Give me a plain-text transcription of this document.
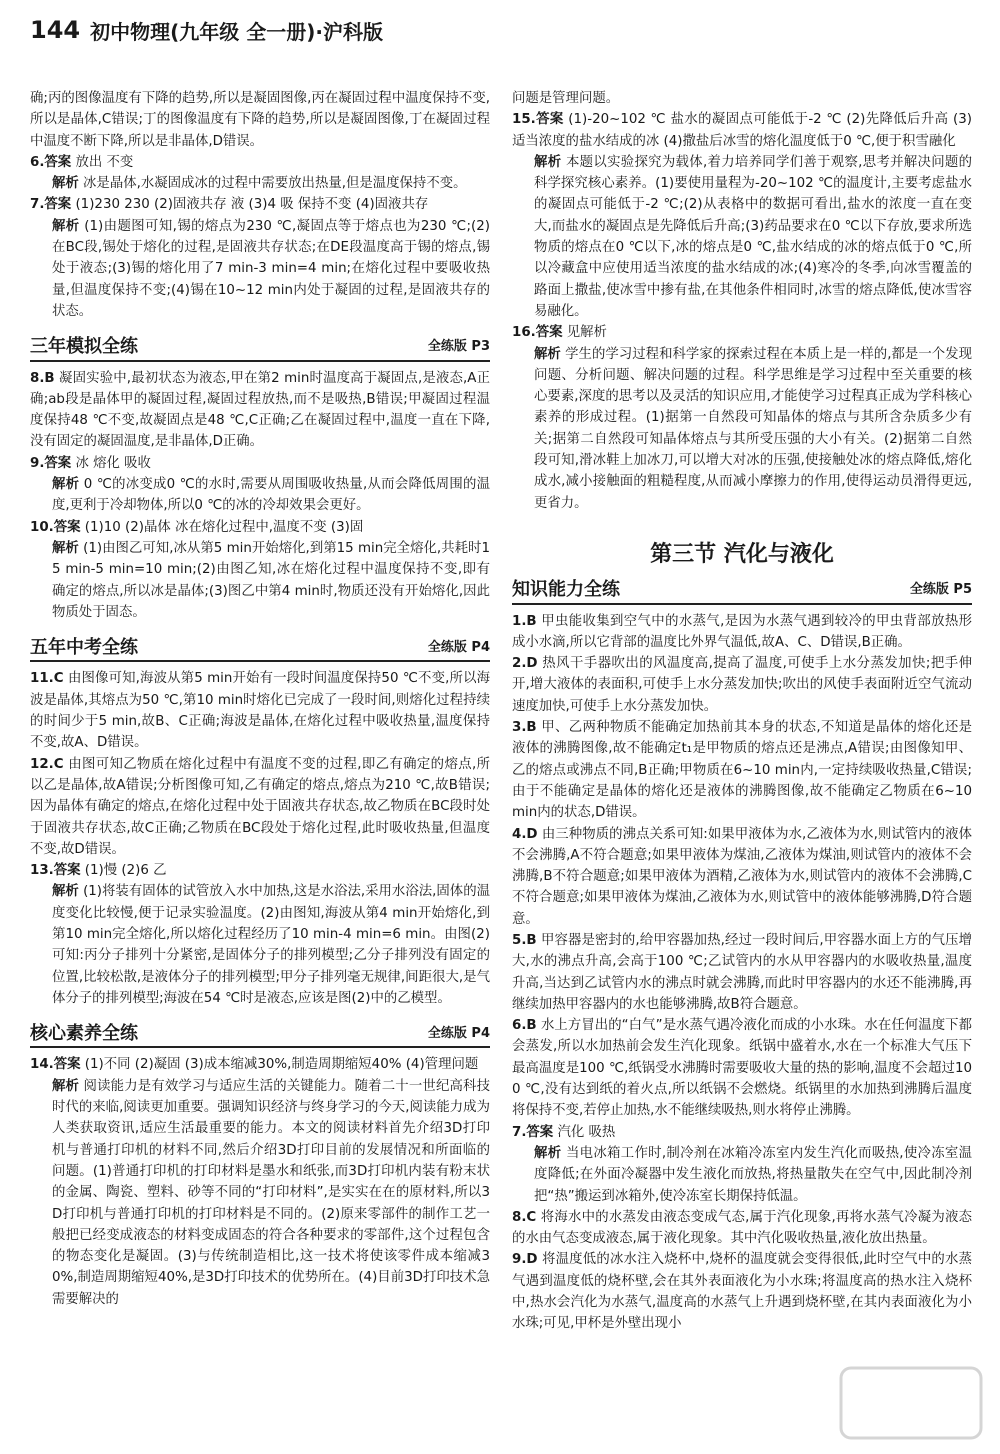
144 初中物理(九年级 全一册)·沪科版

确;丙的图像温度有下降的趋势,所以是凝固图像,丙在凝固过程中温度保持不变,所以是晶体,C错误;丁的图像温度有下降的趋势,所以是凝固图像,丁在凝固过程中温度不断下降,所以是非晶体,D错误。

6.答案 放出 不变

解析 冰是晶体,水凝固成冰的过程中需要放出热量,但是温度保持不变。

7.答案 (1)230 230 (2)固液共存 液 (3)4 吸 保持不变 (4)固液共存

解析 (1)由题图可知,锡的熔点为230 ℃,凝固点等于熔点也为230 ℃;(2)在BC段,锡处于熔化的过程,是固液共存状态;在DE段温度高于锡的熔点,锡处于液态;(3)锡的熔化用了7 min-3 min=4 min;在熔化过程中要吸收热量,但温度保持不变;(4)锡在10~12 min内处于凝固的过程,是固液共存的状态。

三年模拟全练	全练版 P3

8.B 凝固实验中,最初状态为液态,甲在第2 min时温度高于凝固点,是液态,A正确;ab段是晶体甲的凝固过程,凝固过程放热,而不是吸热,B错误;甲凝固过程温度保持48 ℃不变,故凝固点是48 ℃,C正确;乙在凝固过程中,温度一直在下降,没有固定的凝固温度,是非晶体,D正确。

9.答案 冰 熔化 吸收

解析 0 ℃的冰变成0 ℃的水时,需要从周围吸收热量,从而会降低周围的温度,更利于冷却物体,所以0 ℃的冰的冷却效果会更好。

10.答案 (1)10 (2)晶体 冰在熔化过程中,温度不变 (3)固

解析 (1)由图乙可知,冰从第5 min开始熔化,到第15 min完全熔化,共耗时15 min-5 min=10 min;(2)由图乙知,冰在熔化过程中温度保持不变,即有确定的熔点,所以冰是晶体;(3)图乙中第4 min时,物质还没有开始熔化,因此物质处于固态。

五年中考全练	全练版 P4

11.C 由图像可知,海波从第5 min开始有一段时间温度保持50 ℃不变,所以海波是晶体,其熔点为50 ℃,第10 min时熔化已完成了一段时间,则熔化过程持续的时间少于5 min,故B、C正确;海波是晶体,在熔化过程中吸收热量,温度保持不变,故A、D错误。

12.C 由图可知乙物质在熔化过程中有温度不变的过程,即乙有确定的熔点,所以乙是晶体,故A错误;分析图像可知,乙有确定的熔点,熔点为210 ℃,故B错误;因为晶体有确定的熔点,在熔化过程中处于固液共存状态,故乙物质在BC段时处于固液共存状态,故C正确;乙物质在BC段处于熔化过程,此时吸收热量,但温度不变,故D错误。

13.答案 (1)慢 (2)6 乙

解析 (1)将装有固体的试管放入水中加热,这是水浴法,采用水浴法,固体的温度变化比较慢,便于记录实验温度。(2)由图知,海波从第4 min开始熔化,到第10 min完全熔化,所以熔化过程经历了10 min-4 min=6 min。由图(2)可知:丙分子排列十分紧密,是固体分子的排列模型;乙分子排列没有固定的位置,比较松散,是液体分子的排列模型;甲分子排列毫无规律,间距很大,是气体分子的排列模型;海波在54 ℃时是液态,应该是图(2)中的乙模型。

核心素养全练	全练版 P4

14.答案 (1)不同 (2)凝固 (3)成本缩减30%,制造周期缩短40% (4)管理问题

解析 阅读能力是有效学习与适应生活的关键能力。随着二十一世纪高科技时代的来临,阅读更加重要。强调知识经济与终身学习的今天,阅读能力成为人类获取资讯,适应生活最重要的能力。本文的阅读材料首先介绍3D打印机与普通打印机的材料不同,然后介绍3D打印目前的发展情况和所面临的问题。(1)普通打印机的打印材料是墨水和纸张,而3D打印机内装有粉末状的金属、陶瓷、塑料、砂等不同的“打印材料”,是实实在在的原材料,所以3D打印机与普通打印机的打印材料是不同的。(2)原来零部件的制作工艺一般把已经变成液态的材料变成固态的符合各种要求的零部件,这个过程包含的物态变化是凝固。(3)与传统制造相比,这一技术将使该零件成本缩减30%,制造周期缩短40%,是3D打印技术的优势所在。(4)目前3D打印技术急需要解决的

问题是管理问题。

15.答案 (1)-20~102 ℃ 盐水的凝固点可能低于-2 ℃ (2)先降低后升高 (3)适当浓度的盐水结成的冰 (4)撒盐后冰雪的熔化温度低于0 ℃,便于积雪融化

解析 本题以实验探究为载体,着力培养同学们善于观察,思考并解决问题的科学探究核心素养。(1)要使用量程为-20~102 ℃的温度计,主要考虑盐水的凝固点可能低于-2 ℃;(2)从表格中的数据可看出,盐水的浓度一直在变大,而盐水的凝固点是先降低后升高;(3)药品要求在0 ℃以下存放,要求所选物质的熔点在0 ℃以下,冰的熔点是0 ℃,盐水结成的冰的熔点低于0 ℃,所以冷藏盒中应使用适当浓度的盐水结成的冰;(4)寒冷的冬季,向冰雪覆盖的路面上撒盐,使冰雪中掺有盐,在其他条件相同时,冰雪的熔点降低,使冰雪容易融化。

16.答案 见解析

解析 学生的学习过程和科学家的探索过程在本质上是一样的,都是一个发现问题、分析问题、解决问题的过程。科学思维是学习过程中至关重要的核心要素,深度的思考以及灵活的知识应用,才能使学习过程真正成为学科核心素养的形成过程。(1)据第一自然段可知晶体的熔点与其所含杂质多少有关;据第二自然段可知晶体熔点与其所受压强的大小有关。(2)据第二自然段可知,滑冰鞋上加冰刀,可以增大对冰的压强,使接触处冰的熔点降低,熔化成水,减小接触面的粗糙程度,从而减小摩擦力的作用,使得运动员滑得更远,更省力。

第三节 汽化与液化
知识能力全练	全练版 P5

1.B 甲虫能收集到空气中的水蒸气,是因为水蒸气遇到较冷的甲虫背部放热形成小水滴,所以它背部的温度比外界气温低,故A、C、D错误,B正确。

2.D 热风干手器吹出的风温度高,提高了温度,可使手上水分蒸发加快;把手伸开,增大液体的表面积,可使手上水分蒸发加快;吹出的风使手表面附近空气流动速度加快,可使手上水分蒸发加快。

3.B 甲、乙两种物质不能确定加热前其本身的状态,不知道是晶体的熔化还是液体的沸腾图像,故不能确定t₁是甲物质的熔点还是沸点,A错误;由图像知甲、乙的熔点或沸点不同,B正确;甲物质在6~10 min内,一定持续吸收热量,C错误;由于不能确定是晶体的熔化还是液体的沸腾图像,故不能确定乙物质在6~10 min内的状态,D错误。

4.D 由三种物质的沸点关系可知:如果甲液体为水,乙液体为水,则试管内的液体不会沸腾,A不符合题意;如果甲液体为煤油,乙液体为煤油,则试管内的液体不会沸腾,B不符合题意;如果甲液体为酒精,乙液体为水,则试管内的液体不会沸腾,C不符合题意;如果甲液体为煤油,乙液体为水,则试管中的液体能够沸腾,D符合题意。

5.B 甲容器是密封的,给甲容器加热,经过一段时间后,甲容器水面上方的气压增大,水的沸点升高,会高于100 ℃;乙试管内的水从甲容器内的水吸收热量,温度升高,当达到乙试管内水的沸点时就会沸腾,而此时甲容器内的水还不能沸腾,再继续加热甲容器内的水也能够沸腾,故B符合题意。

6.B 水上方冒出的“白气”是水蒸气遇冷液化而成的小水珠。水在任何温度下都会蒸发,所以水加热前会发生汽化现象。纸锅中盛着水,水在一个标准大气压下最高温度是100 ℃,纸锅受水沸腾时需要吸收大量的热的影响,温度不会超过100 ℃,没有达到纸的着火点,所以纸锅不会燃烧。纸锅里的水加热到沸腾后温度将保持不变,若停止加热,水不能继续吸热,则水将停止沸腾。

7.答案 汽化 吸热

解析 当电冰箱工作时,制冷剂在冰箱冷冻室内发生汽化而吸热,使冷冻室温度降低;在外面冷凝器中发生液化而放热,将热量散失在空气中,因此制冷剂把“热”搬运到冰箱外,使冷冻室长期保持低温。

8.C 将海水中的水蒸发由液态变成气态,属于汽化现象,再将水蒸气冷凝为液态的水由气态变成液态,属于液化现象。其中汽化吸收热量,液化放出热量。

9.D 将温度低的冰水注入烧杯中,烧杯的温度就会变得很低,此时空气中的水蒸气遇到温度低的烧杯壁,会在其外表面液化为小水珠;将温度高的热水注入烧杯中,热水会汽化为水蒸气,温度高的水蒸气上升遇到烧杯壁,在其内表面液化为小水珠;可见,甲杯是外壁出现小
